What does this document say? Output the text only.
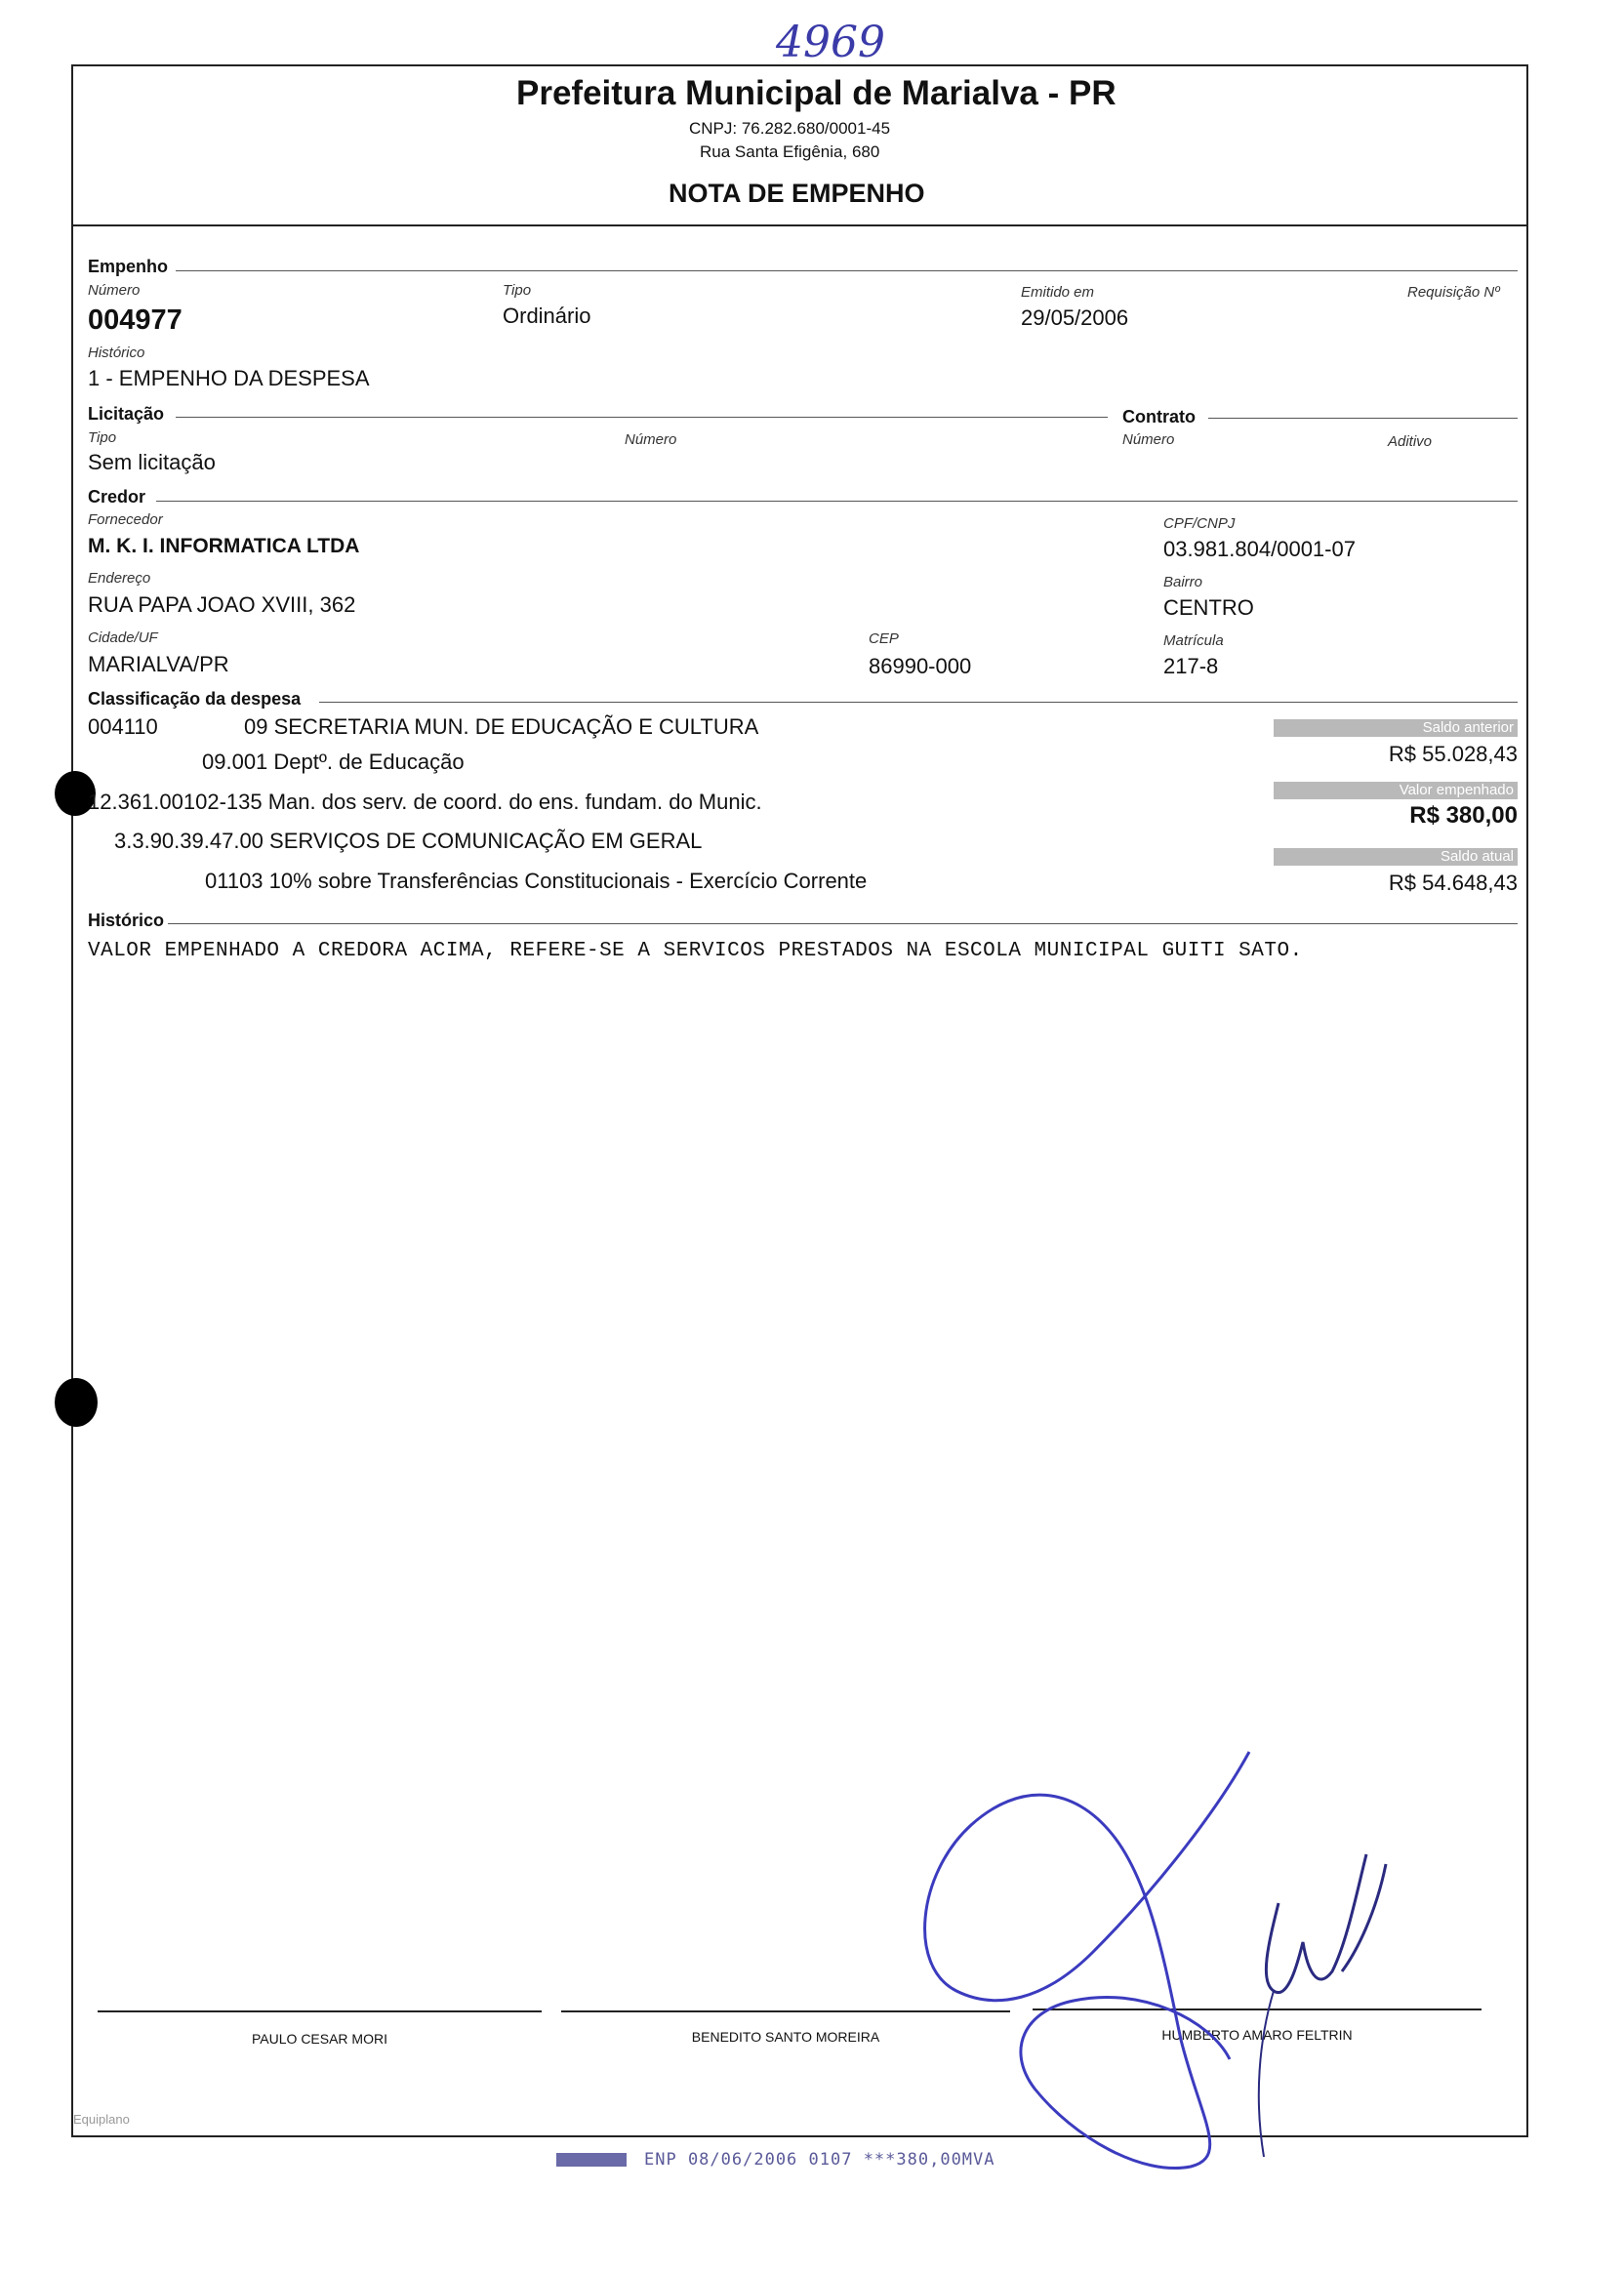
4969
Prefeitura Municipal de Marialva - PR
CNPJ: 76.282.680/0001-45
Rua Santa Efigênia, 680
NOTA DE EMPENHO
Empenho
Número
004977
Tipo
Ordinário
Emitido em
29/05/2006
Requisição Nº
Histórico
1 - EMPENHO DA DESPESA
Licitação	Contrato
Tipo
Sem licitação
Número	Número	Aditivo
Credor
Fornecedor
M. K. I. INFORMATICA LTDA
CPF/CNPJ
03.981.804/0001-07
Endereço
RUA PAPA JOAO XVIII, 362
Bairro
CENTRO
Cidade/UF
MARIALVA/PR
CEP
86990-000
Matrícula
217-8
Classificação da despesa
004110	09 SECRETARIA MUN. DE EDUCAÇÃO E CULTURA
09.001 Deptº. de Educação
12.361.00102-135 Man. dos serv. de coord. do ens. fundam. do Munic.
3.3.90.39.47.00 SERVIÇOS DE COMUNICAÇÃO EM GERAL
01103 10% sobre Transferências Constitucionais - Exercício Corrente
Saldo anterior
R$ 55.028,43
Valor empenhado
R$ 380,00
Saldo atual
R$ 54.648,43
Histórico
VALOR EMPENHADO A CREDORA ACIMA, REFERE-SE A SERVICOS PRESTADOS NA ESCOLA MUNICIPAL GUITI SATO.
PAULO CESAR MORI	BENEDITO SANTO MOREIRA	HUMBERTO AMARO FELTRIN
Equiplano
ENP 08/06/2006 0107 ***380,00MVA
